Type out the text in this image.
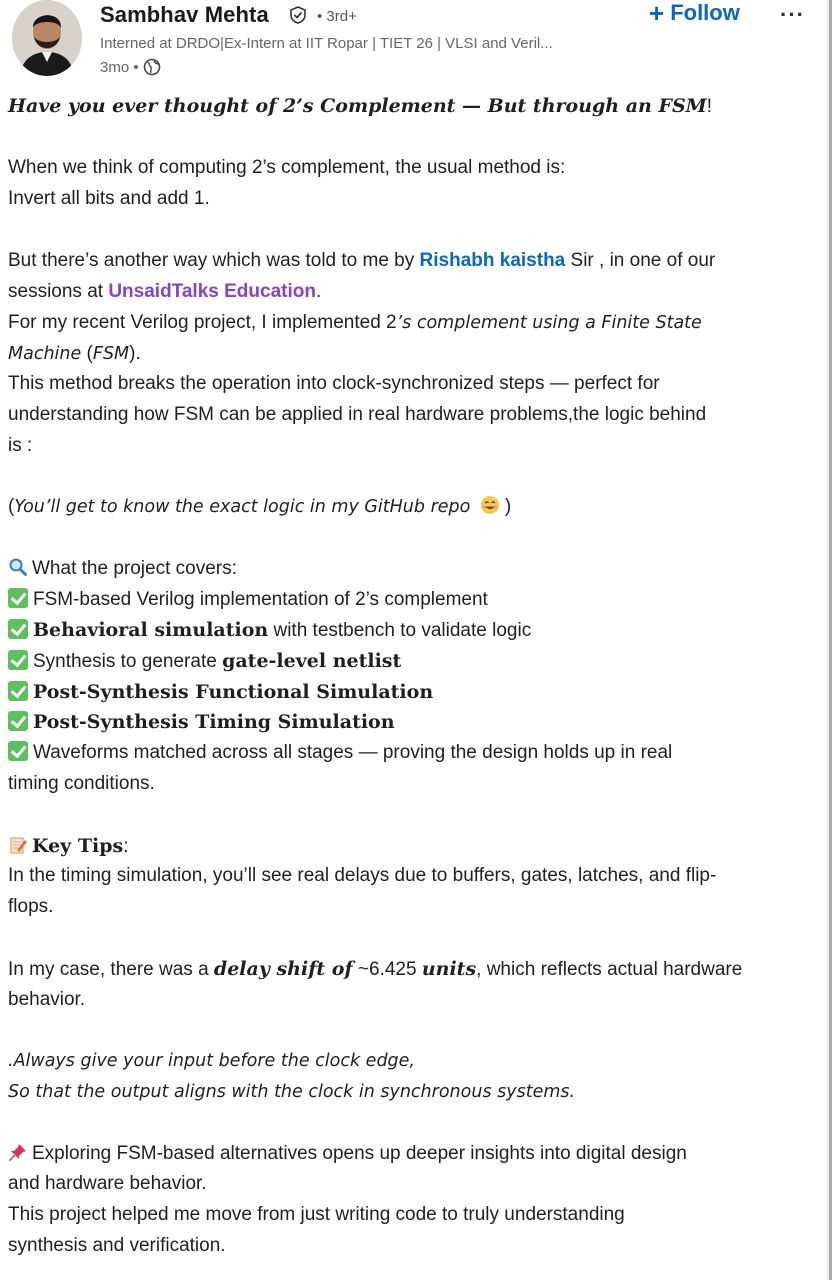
Sambhav Mehta	• 3rd+
Interned at DRDO|Ex-Intern at IIT Ropar | TIET 26 | VLSI and Veril...
3mo •
+ Follow ···
Have you ever thought of 2’s Complement — But through an FSM!
When we think of computing 2’s complement, the usual method is:
Invert all bits and add 1.
But there’s another way which was told to me by Rishabh kaistha Sir , in one of our
sessions at UnsaidTalks Education.
For my recent Verilog project, I implemented 2’s complement using a Finite State
Machine (FSM).
This method breaks the operation into clock-synchronized steps — perfect for
understanding how FSM can be applied in real hardware problems,the logic behind
is :
(You’ll get to know the exact logic in my GitHub repo  )
What the project covers:
FSM-based Verilog implementation of 2’s complement
Behavioral simulation with testbench to validate logic
Synthesis to generate gate-level netlist
Post-Synthesis Functional Simulation
Post-Synthesis Timing Simulation
Waveforms matched across all stages — proving the design holds up in real
timing conditions.
Key Tips:
In the timing simulation, you’ll see real delays due to buffers, gates, latches, and flip-
flops.
In my case, there was a delay shift of ~6.425 units, which reflects actual hardware
behavior.
.Always give your input before the clock edge,
So that the output aligns with the clock in synchronous systems.
Exploring FSM-based alternatives opens up deeper insights into digital design
and hardware behavior.
This project helped me move from just writing code to truly understanding
synthesis and verification.
